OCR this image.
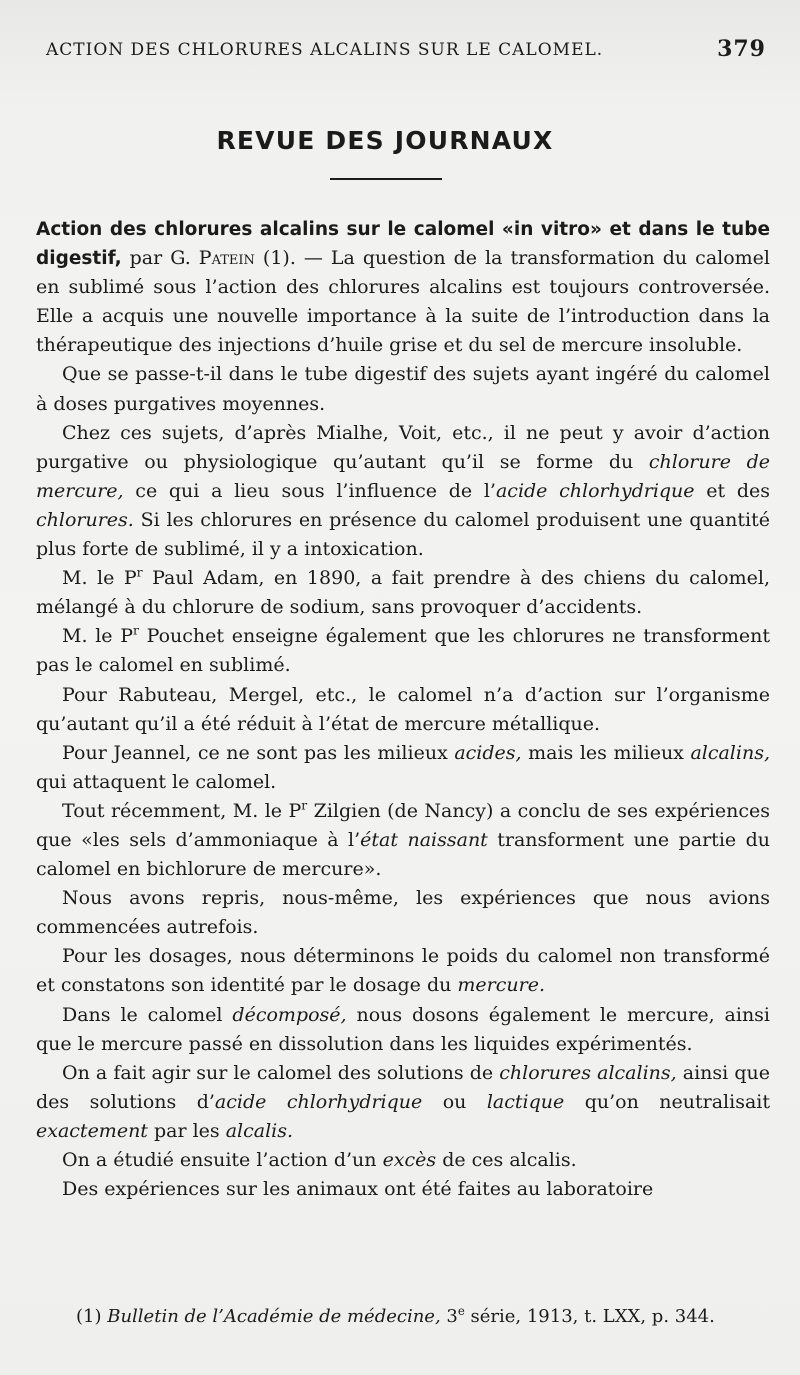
ACTION DES CHLORURES ALCALINS SUR LE CALOMEL.	379
REVUE DES JOURNAUX

Action des chlorures alcalins sur le calomel «in vitro» et dans le tube digestif, par G. Patein (1). — La question de la transformation du calomel en sublimé sous l’action des chlorures alcalins est toujours controversée. Elle a acquis une nouvelle importance à la suite de l’introduction dans la thérapeutique des injections d’huile grise et du sel de mercure insoluble.

Que se passe-t-il dans le tube digestif des sujets ayant ingéré du calomel à doses purgatives moyennes.

Chez ces sujets, d’après Mialhe, Voit, etc., il ne peut y avoir d’action purgative ou physiologique qu’autant qu’il se forme du chlorure de mercure, ce qui a lieu sous l’influence de l’acide chlorhydrique et des chlorures. Si les chlorures en présence du calomel produisent une quantité plus forte de sublimé, il y a intoxication.

M. le $P^r$ Paul Adam, en 1890, a fait prendre à des chiens du calomel, mélangé à du chlorure de sodium, sans provoquer d’accidents.

M. le $P^r$ Pouchet enseigne également que les chlorures ne transforment pas le calomel en sublimé.

Pour Rabuteau, Mergel, etc., le calomel n’a d’action sur l’organisme qu’autant qu’il a été réduit à l’état de mercure métallique.

Pour Jeannel, ce ne sont pas les milieux acides, mais les milieux alcalins, qui attaquent le calomel.

Tout récemment, M. le $P^r$ Zilgien (de Nancy) a conclu de ses expériences que «les sels d’ammoniaque à l’état naissant transforment une partie du calomel en bichlorure de mercure».

Nous avons repris, nous-même, les expériences que nous avions commencées autrefois.

Pour les dosages, nous déterminons le poids du calomel non transformé et constatons son identité par le dosage du mercure.

Dans le calomel décomposé, nous dosons également le mercure, ainsi que le mercure passé en dissolution dans les liquides expérimentés.

On a fait agir sur le calomel des solutions de chlorures alcalins, ainsi que des solutions d’acide chlorhydrique ou lactique qu’on neutralisait exactement par les alcalis.

On a étudié ensuite l’action d’un excès de ces alcalis.

Des expériences sur les animaux ont été faites au laboratoire

(1) Bulletin de l’Académie de médecine, 3e série, 1913, t. LXX, p. 344.
